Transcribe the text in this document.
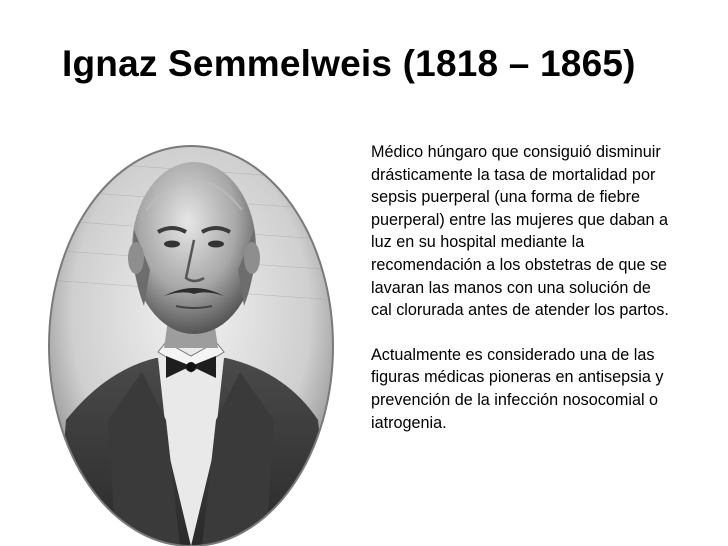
Ignaz Semmelweis (1818 – 1865)

Médico húngaro que consiguió disminuir drásticamente la tasa de mortalidad por sepsis puerperal (una forma de fiebre puerperal) entre las mujeres que daban a luz en su hospital mediante la recomendación a los obstetras de que se lavaran las manos con una solución de cal clorurada antes de atender los partos.

Actualmente es considerado una de las figuras médicas pioneras en antisepsia y prevención de la infección nosocomial o iatrogenia.
